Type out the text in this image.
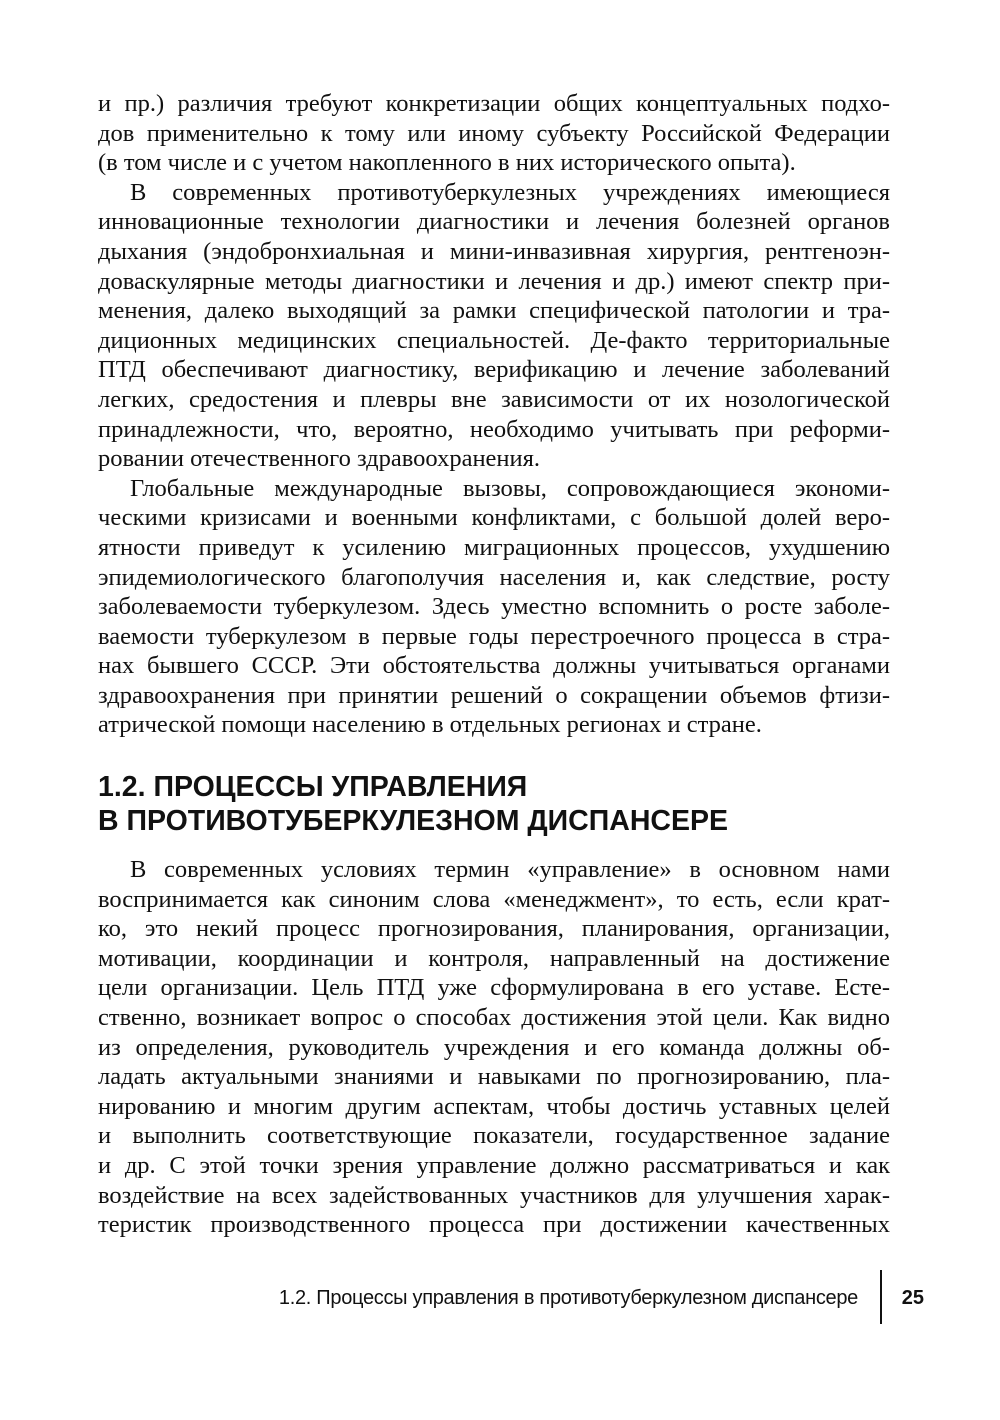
и пр.) различия требуют конкретизации общих концептуальных подхо-
дов применительно к тому или иному субъекту Российской Федерации
(в том числе и с учетом накопленного в них исторического опыта).
В современных противотуберкулезных учреждениях имеющиеся
инновационные технологии диагностики и лечения болезней органов
дыхания (эндобронхиальная и мини-инвазивная хирургия, рентгеноэн-
доваскулярные методы диагностики и лечения и др.) имеют спектр при-
менения, далеко выходящий за рамки специфической патологии и тра-
диционных медицинских специальностей. Де-факто территориальные
ПТД обеспечивают диагностику, верификацию и лечение заболеваний
легких, средостения и плевры вне зависимости от их нозологической
принадлежности, что, вероятно, необходимо учитывать при реформи-
ровании отечественного здравоохранения.
Глобальные международные вызовы, сопровождающиеся экономи-
ческими кризисами и военными конфликтами, с большой долей веро-
ятности приведут к усилению миграционных процессов, ухудшению
эпидемиологического благополучия населения и, как следствие, росту
заболеваемости туберкулезом. Здесь уместно вспомнить о росте заболе-
ваемости туберкулезом в первые годы перестроечного процесса в стра-
нах бывшего СССР. Эти обстоятельства должны учитываться органами
здравоохранения при принятии решений о сокращении объемов фтизи-
атрической помощи населению в отдельных регионах и стране.
1.2. ПРОЦЕССЫ УПРАВЛЕНИЯ
В ПРОТИВОТУБЕРКУЛЕЗНОМ ДИСПАНСЕРЕ
В современных условиях термин «управление» в основном нами
воспринимается как синоним слова «менеджмент», то есть, если крат-
ко, это некий процесс прогнозирования, планирования, организации,
мотивации, координации и контроля, направленный на достижение
цели организации. Цель ПТД уже сформулирована в его уставе. Есте-
ственно, возникает вопрос о способах достижения этой цели. Как видно
из определения, руководитель учреждения и его команда должны об-
ладать актуальными знаниями и навыками по прогнозированию, пла-
нированию и многим другим аспектам, чтобы достичь уставных целей
и выполнить соответствующие показатели, государственное задание
и др. С этой точки зрения управление должно рассматриваться и как
воздействие на всех задействованных участников для улучшения харак-
теристик производственного процесса при достижении качественных
1.2. Процессы управления в противотуберкулезном диспансере 25
